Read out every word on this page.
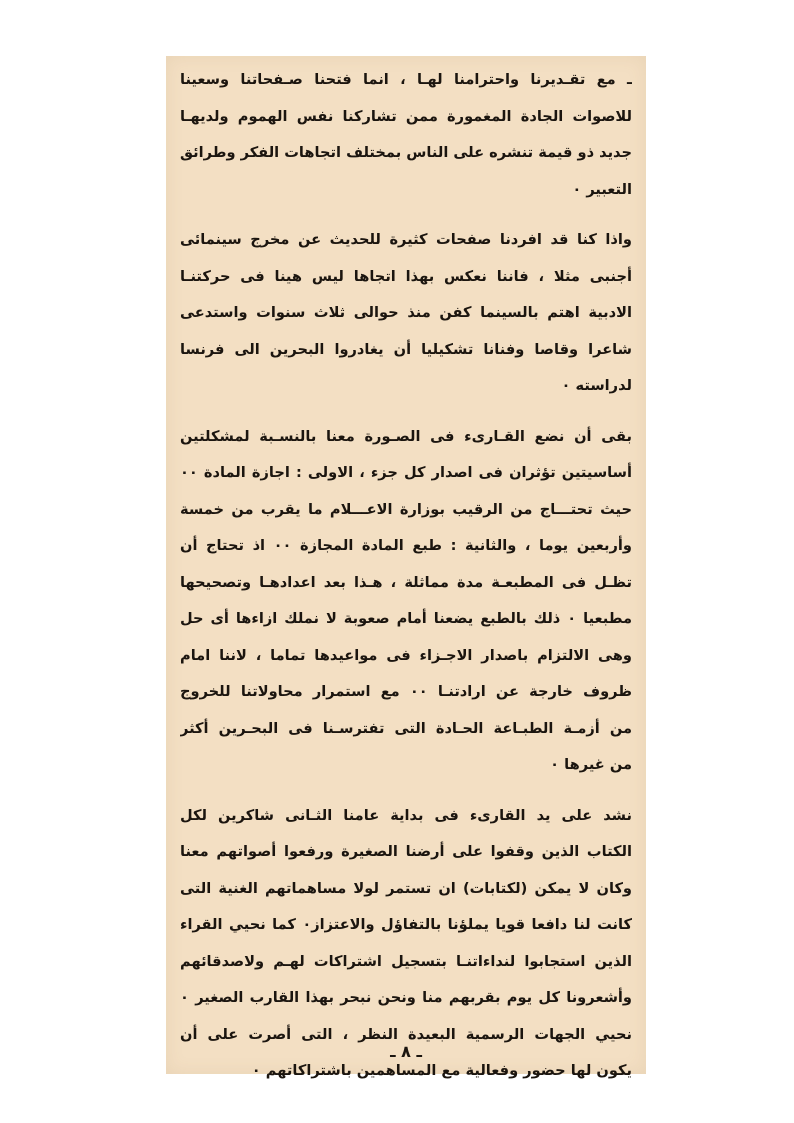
ـ مع تقـديرنا واحترامنا لهـا ، انما فتحنا صـفحاتنا وسعينا
للاصوات الجادة المغمورة ممن تشاركنا نفس الهموم ولديهـا
جديد ذو قيمة تنشره على الناس بمختلف اتجاهات الفكر وطرائق
التعبير ٠
واذا كنا قد افردنا صفحات كثيرة للحديث عن مخرج سينمائى
أجنبى مثلا ، فاننا نعكس بهذا اتجاها ليس هينا فى حركتنـا
الادبية اهتم بالسينما كفن منذ حوالى ثلاث سنوات واستدعى
شاعرا وقاصا وفنانا تشكيليا أن يغادروا البحرين الى فرنسا
لدراسته ٠
بقى أن نضع القـارىء فى الصـورة معنا بالنسـبة لمشكلتين
أساسيتين تؤثران فى اصدار كل جزء ، الاولى : اجازة المادة ٠٠
حيث تحتـــاج من الرقيب بوزارة الاعـــلام ما يقرب من خمسة
وأربعين يوما ، والثانية : طبع المادة المجازة ٠٠ اذ تحتاج أن
تظـل فى المطبعـة مدة مماثلة ، هـذا بعد اعدادهـا وتصحيحها
مطبعيا ٠ ذلك بالطبع يضعنا أمام صعوبة لا نملك ازاءها أى حل
وهى الالتزام باصدار الاجـزاء فى مواعيدها تماما ، لاننا امام
ظروف خارجة عن ارادتنـا ٠٠ مع استمرار محاولاتنا للخروج
من أزمـة الطبـاعة الحـادة التى تفترسـنا فى البحـرين أكثر
من غيرها ٠
نشد على يد القارىء فى بداية عامنا الثـانى شاكرين لكل
الكتاب الذين وقفوا على أرضنا الصغيرة ورفعوا أصواتهم معنا
وكان لا يمكن (لكتابات) ان تستمر لولا مساهماتهم الغنية التى
كانت لنا دافعا قويا يملؤنا بالتفاؤل والاعتزاز٠ كما نحيي القراء
الذين استجابوا لنداءاتنـا بتسجيل اشتراكات لهـم ولاصدقائهم
وأشعرونا كل يوم بقربهم منا ونحن نبحر بهذا القارب الصغير ٠
نحيي الجهات الرسمية البعيدة النظر ، التى أصرت على أن
يكون لها حضور وفعالية مع المساهمين باشتراكاتهم ٠
ـ ٨ ـ
